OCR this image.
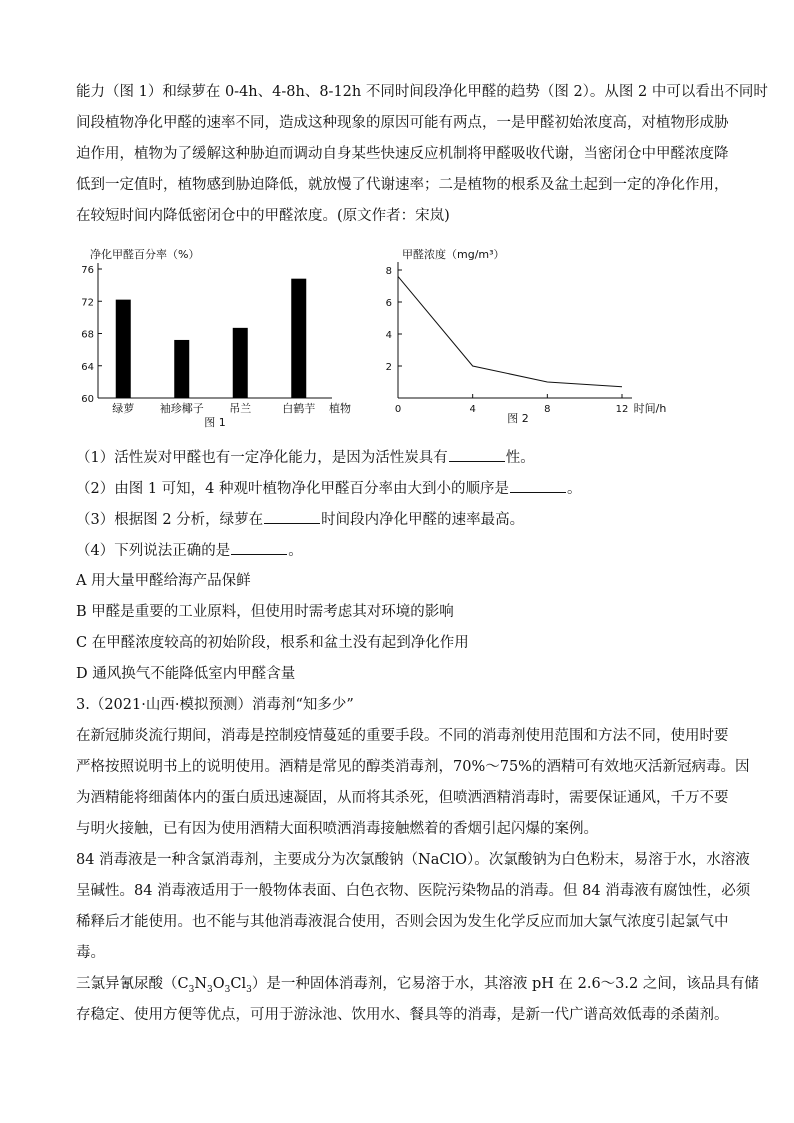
能力（图 1）和绿萝在 0-4h、4-8h、8-12h 不同时间段净化甲醛的趋势（图 2）。从图 2 中可以看出不同时
间段植物净化甲醛的速率不同，造成这种现象的原因可能有两点，一是甲醛初始浓度高，对植物形成胁
迫作用，植物为了缓解这种胁迫而调动自身某些快速反应机制将甲醛吸收代谢，当密闭仓中甲醛浓度降
低到一定值时，植物感到胁迫降低，就放慢了代谢速率；二是植物的根系及盆土起到一定的净化作用，
在较短时间内降低密闭仓中的甲醛浓度。(原文作者：宋岚)
净化甲醛百分率（%）
60
64
68
72
76
绿萝 袖珍椰子 吊兰	白鹤芋 植物
图 1
甲醛浓度（mg/m³）
2
4
6
8
0	4	8	12 时间/h
图 2
（1）活性炭对甲醛也有一定净化能力，是因为活性炭具有	性。
（2）由图 1 可知，4 种观叶植物净化甲醛百分率由大到小的顺序是	。
（3）根据图 2 分析，绿萝在	时间段内净化甲醛的速率最高。
（4）下列说法正确的是	。
A 用大量甲醛给海产品保鲜
B 甲醛是重要的工业原料，但使用时需考虑其对环境的影响
C 在甲醛浓度较高的初始阶段，根系和盆土没有起到净化作用
D 通风换气不能降低室内甲醛含量
3.（2021·山西·模拟预测）消毒剂“知多少”
在新冠肺炎流行期间，消毒是控制疫情蔓延的重要手段。不同的消毒剂使用范围和方法不同，使用时要
严格按照说明书上的说明使用。酒精是常见的醇类消毒剂，70%～75%的酒精可有效地灭活新冠病毒。因
为酒精能将细菌体内的蛋白质迅速凝固，从而将其杀死，但喷洒酒精消毒时，需要保证通风，千万不要
与明火接触，已有因为使用酒精大面积喷洒消毒接触燃着的香烟引起闪爆的案例。
84 消毒液是一种含氯消毒剂，主要成分为次氯酸钠（NaClO）。次氯酸钠为白色粉末，易溶于水，水溶液
呈碱性。84 消毒液适用于一般物体表面、白色衣物、医院污染物品的消毒。但 84 消毒液有腐蚀性，必须
稀释后才能使用。也不能与其他消毒液混合使用，否则会因为发生化学反应而加大氯气浓度引起氯气中
毒。
三氯异氰尿酸$(C_3N_3O_3Cl_3)$是一种固体消毒剂，它易溶于水，其溶液 pH 在 2.6～3.2 之间，该品具有储
存稳定、使用方便等优点，可用于游泳池、饮用水、餐具等的消毒，是新一代广谱高效低毒的杀菌剂。
